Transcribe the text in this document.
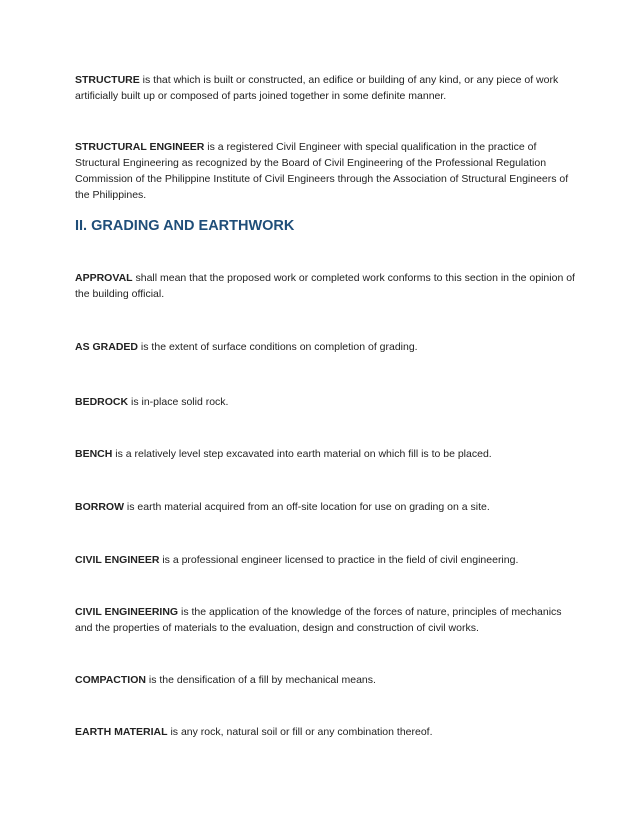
STRUCTURE is that which is built or constructed, an edifice or building of any kind, or any piece of work artificially built up or composed of parts joined together in some definite manner.

STRUCTURAL ENGINEER is a registered Civil Engineer with special qualification in the practice of Structural Engineering as recognized by the Board of Civil Engineering of the Professional Regulation Commission of the Philippine Institute of Civil Engineers through the Association of Structural Engineers of the Philippines.

II. GRADING AND EARTHWORK

APPROVAL shall mean that the proposed work or completed work conforms to this section in the opinion of the building official.

AS GRADED is the extent of surface conditions on completion of grading.

BEDROCK is in-place solid rock.

BENCH is a relatively level step excavated into earth material on which fill is to be placed.

BORROW is earth material acquired from an off-site location for use on grading on a site.

CIVIL ENGINEER is a professional engineer licensed to practice in the field of civil engineering.

CIVIL ENGINEERING is the application of the knowledge of the forces of nature, principles of mechanics and the properties of materials to the evaluation, design and construction of civil works.

COMPACTION is the densification of a fill by mechanical means.

EARTH MATERIAL is any rock, natural soil or fill or any combination thereof.
